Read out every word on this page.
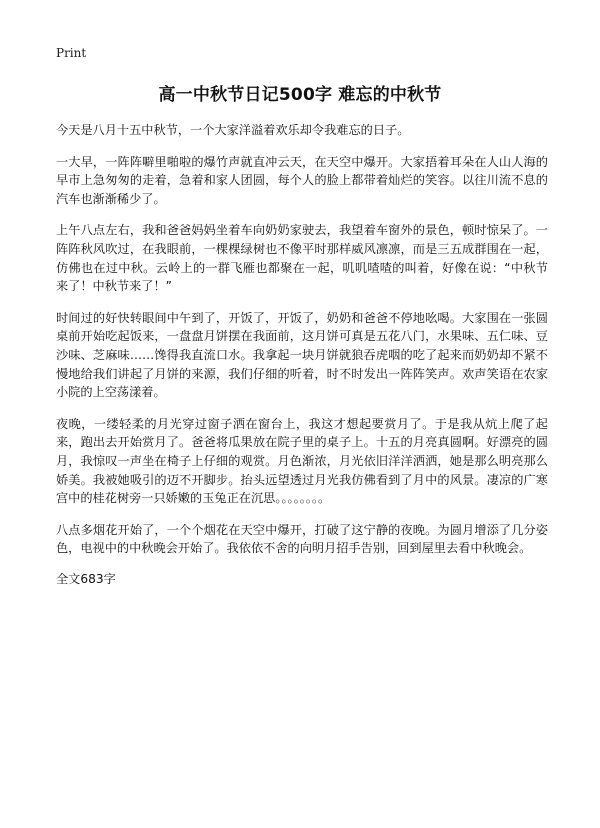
Print
高一中秋节日记500字 难忘的中秋节

今天是八月十五中秋节，一个大家洋溢着欢乐却令我难忘的日子。

一大早，一阵阵噼里啪啦的爆竹声就直冲云天，在天空中爆开。大家捂着耳朵在人山人海的早市上急匆匆的走着，急着和家人团圆，每个人的脸上都带着灿烂的笑容。以往川流不息的汽车也渐渐稀少了。

上午八点左右，我和爸爸妈妈坐着车向奶奶家驶去，我望着车窗外的景色，顿时惊呆了。一阵阵秋风吹过，在我眼前，一棵棵绿树也不像平时那样威风凛凛，而是三五成群围在一起，仿佛也在过中秋。云岭上的一群飞雁也都聚在一起，叽叽喳喳的叫着，好像在说：“中秋节来了！中秋节来了！”

时间过的好快转眼间中午到了，开饭了，开饭了，奶奶和爸爸不停地吆喝。大家围在一张圆桌前开始吃起饭来，一盘盘月饼摆在我面前，这月饼可真是五花八门，水果味、五仁味、豆沙味、芝麻味……馋得我直流口水。我拿起一块月饼就狼吞虎咽的吃了起来而奶奶却不紧不慢地给我们讲起了月饼的来源，我们仔细的听着，时不时发出一阵阵笑声。欢声笑语在农家小院的上空荡漾着。

夜晚，一缕轻柔的月光穿过窗子洒在窗台上，我这才想起要赏月了。于是我从炕上爬了起来，跑出去开始赏月了。爸爸将瓜果放在院子里的桌子上。十五的月亮真圆啊。好漂亮的圆月，我惊叹一声坐在椅子上仔细的观赏。月色渐浓，月光依旧洋洋洒洒，她是那么明亮那么娇美。我被她吸引的迈不开脚步。抬头远望透过月光我仿佛看到了月中的风景。凄凉的广寒宫中的桂花树旁一只娇嫩的玉兔正在沉思。。。。。。。。

八点多烟花开始了，一个个烟花在天空中爆开，打破了这宁静的夜晚。为圆月增添了几分姿色，电视中的中秋晚会开始了。我依依不舍的向明月招手告别，回到屋里去看中秋晚会。

全文683字
